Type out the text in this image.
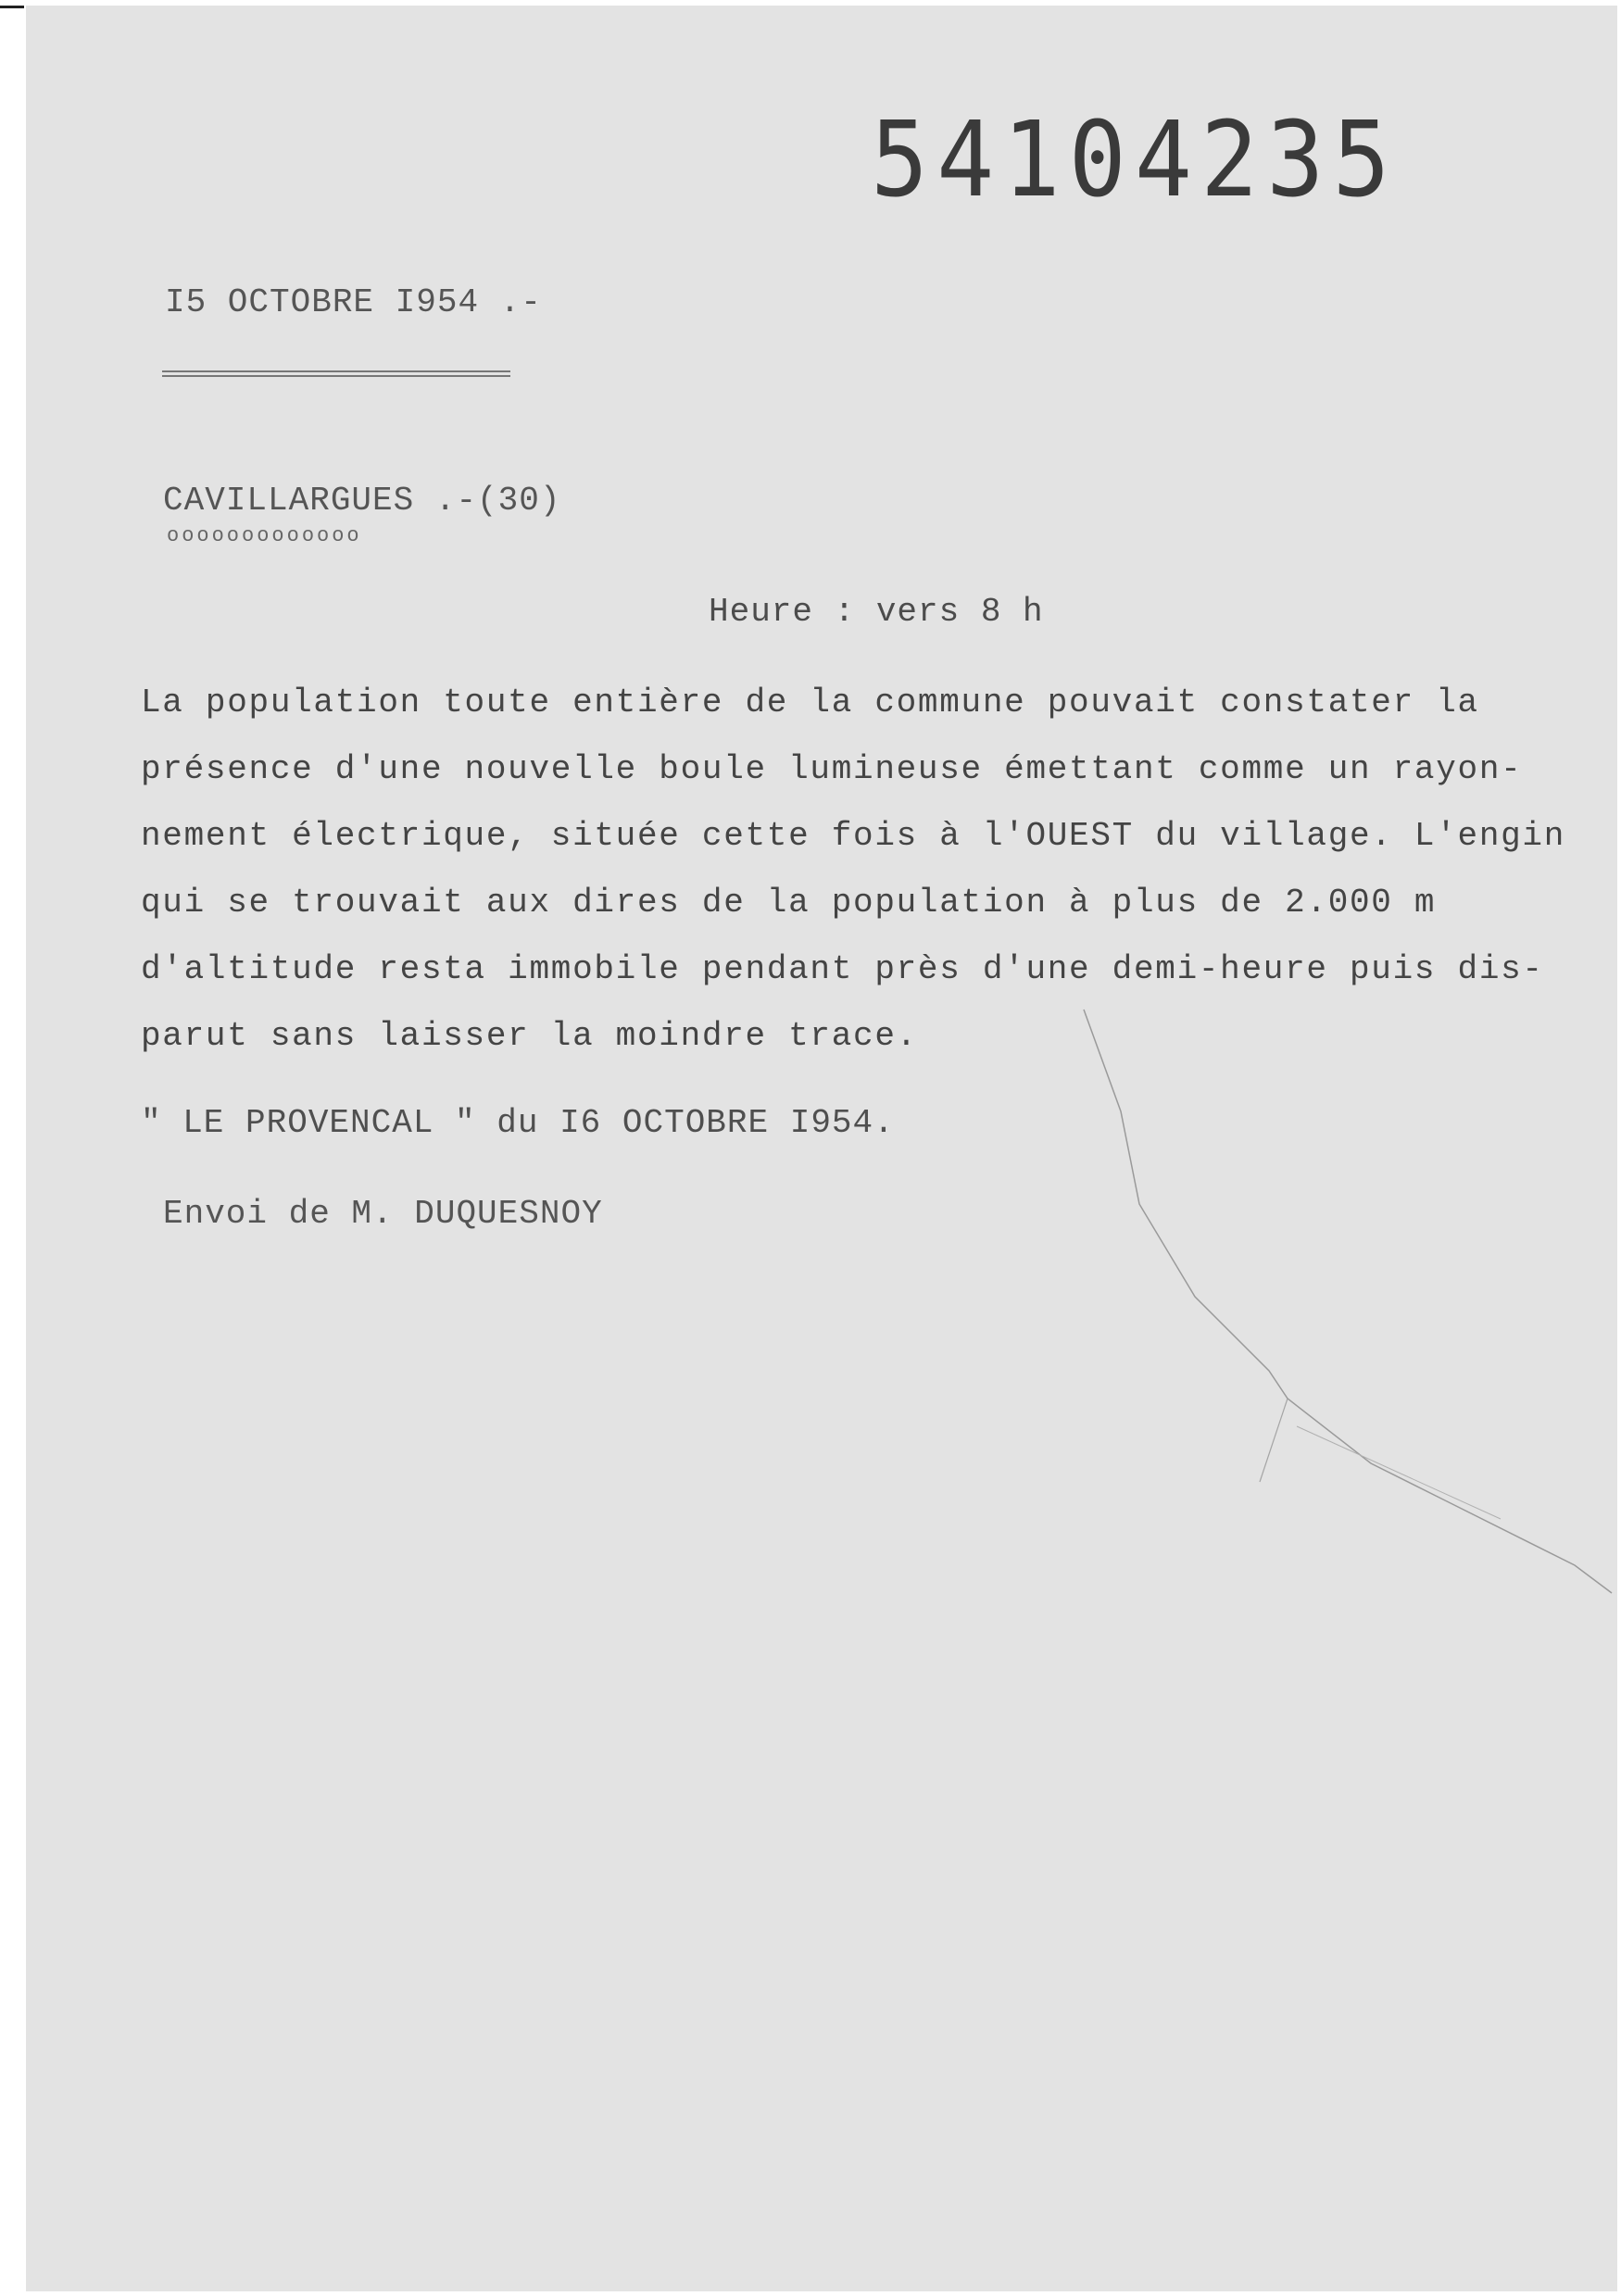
54104235
I5 OCTOBRE I954 .-
CAVILLARGUES .-(30)
ooooooooooooo
Heure : vers 8 h
La population toute entière de la commune pouvait constater la
présence d'une nouvelle boule lumineuse émettant comme un rayon-
nement électrique, située cette fois à l'OUEST du village. L'engin
qui se trouvait aux dires de la population à plus de 2.000 m
d'altitude resta immobile pendant près d'une demi-heure puis dis-
parut sans laisser la moindre trace.
" LE PROVENCAL " du I6 OCTOBRE I954.
Envoi de M. DUQUESNOY
